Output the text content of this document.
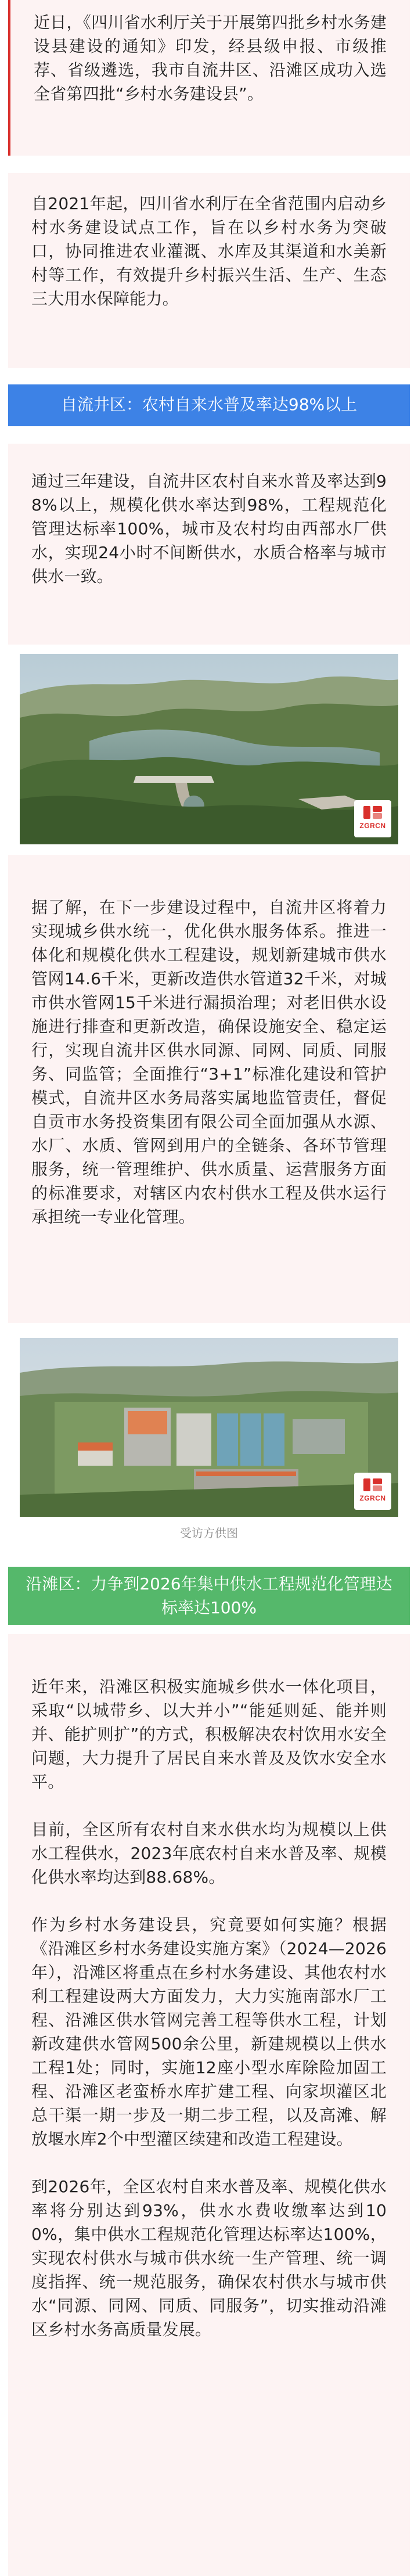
近日，《四川省水利厅关于开展第四批乡村水务建设县建设的通知》印发，经县级申报、市级推荐、省级遴选，我市自流井区、沿滩区成功入选全省第四批“乡村水务建设县”。

自2021年起，四川省水利厅在全省范围内启动乡村水务建设试点工作，旨在以乡村水务为突破口，协同推进农业灌溉、水库及其渠道和水美新村等工作，有效提升乡村振兴生活、生产、生态三大用水保障能力。

自流井区：农村自来水普及率达98%以上

通过三年建设，自流井区农村自来水普及率达到98%以上，规模化供水率达到98%，工程规范化管理达标率100%，城市及农村均由西部水厂供水，实现24小时不间断供水，水质合格率与城市供水一致。

ZGRCN

据了解，在下一步建设过程中，自流井区将着力实现城乡供水统一，优化供水服务体系。推进一体化和规模化供水工程建设，规划新建城市供水管网14.6千米，更新改造供水管道32千米，对城市供水管网15千米进行漏损治理；对老旧供水设施进行排查和更新改造，确保设施安全、稳定运行，实现自流井区供水同源、同网、同质、同服务、同监管；全面推行“3+1”标准化建设和管护模式，自流井区水务局落实属地监管责任，督促自贡市水务投资集团有限公司全面加强从水源、水厂、水质、管网到用户的全链条、各环节管理服务，统一管理维护、供水质量、运营服务方面的标准要求，对辖区内农村供水工程及供水运行承担统一专业化管理。

ZGRCN
受访方供图
沿滩区：力争到2026年集中供水工程规范化管理达标率达100%

近年来，沿滩区积极实施城乡供水一体化项目，采取“以城带乡、以大并小”“能延则延、能并则并、能扩则扩”的方式，积极解决农村饮用水安全问题，大力提升了居民自来水普及及饮水安全水平。

目前，全区所有农村自来水供水均为规模以上供水工程供水，2023年底农村自来水普及率、规模化供水率均达到88.68%。

作为乡村水务建设县，究竟要如何实施？根据《沿滩区乡村水务建设实施方案》（2024—2026年），沿滩区将重点在乡村水务建设、其他农村水利工程建设两大方面发力，大力实施南部水厂工程、沿滩区供水管网完善工程等供水工程，计划新改建供水管网500余公里，新建规模以上供水工程1处；同时，实施12座小型水库除险加固工程、沿滩区老蛮桥水库扩建工程、向家坝灌区北总干渠一期一步及一期二步工程，以及高滩、解放堰水库2个中型灌区续建和改造工程建设。

到2026年，全区农村自来水普及率、规模化供水率将分别达到93%，供水水费收缴率达到100%，集中供水工程规范化管理达标率达100%，实现农村供水与城市供水统一生产管理、统一调度指挥、统一规范服务，确保农村供水与城市供水“同源、同网、同质、同服务”，切实推动沿滩区乡村水务高质量发展。
